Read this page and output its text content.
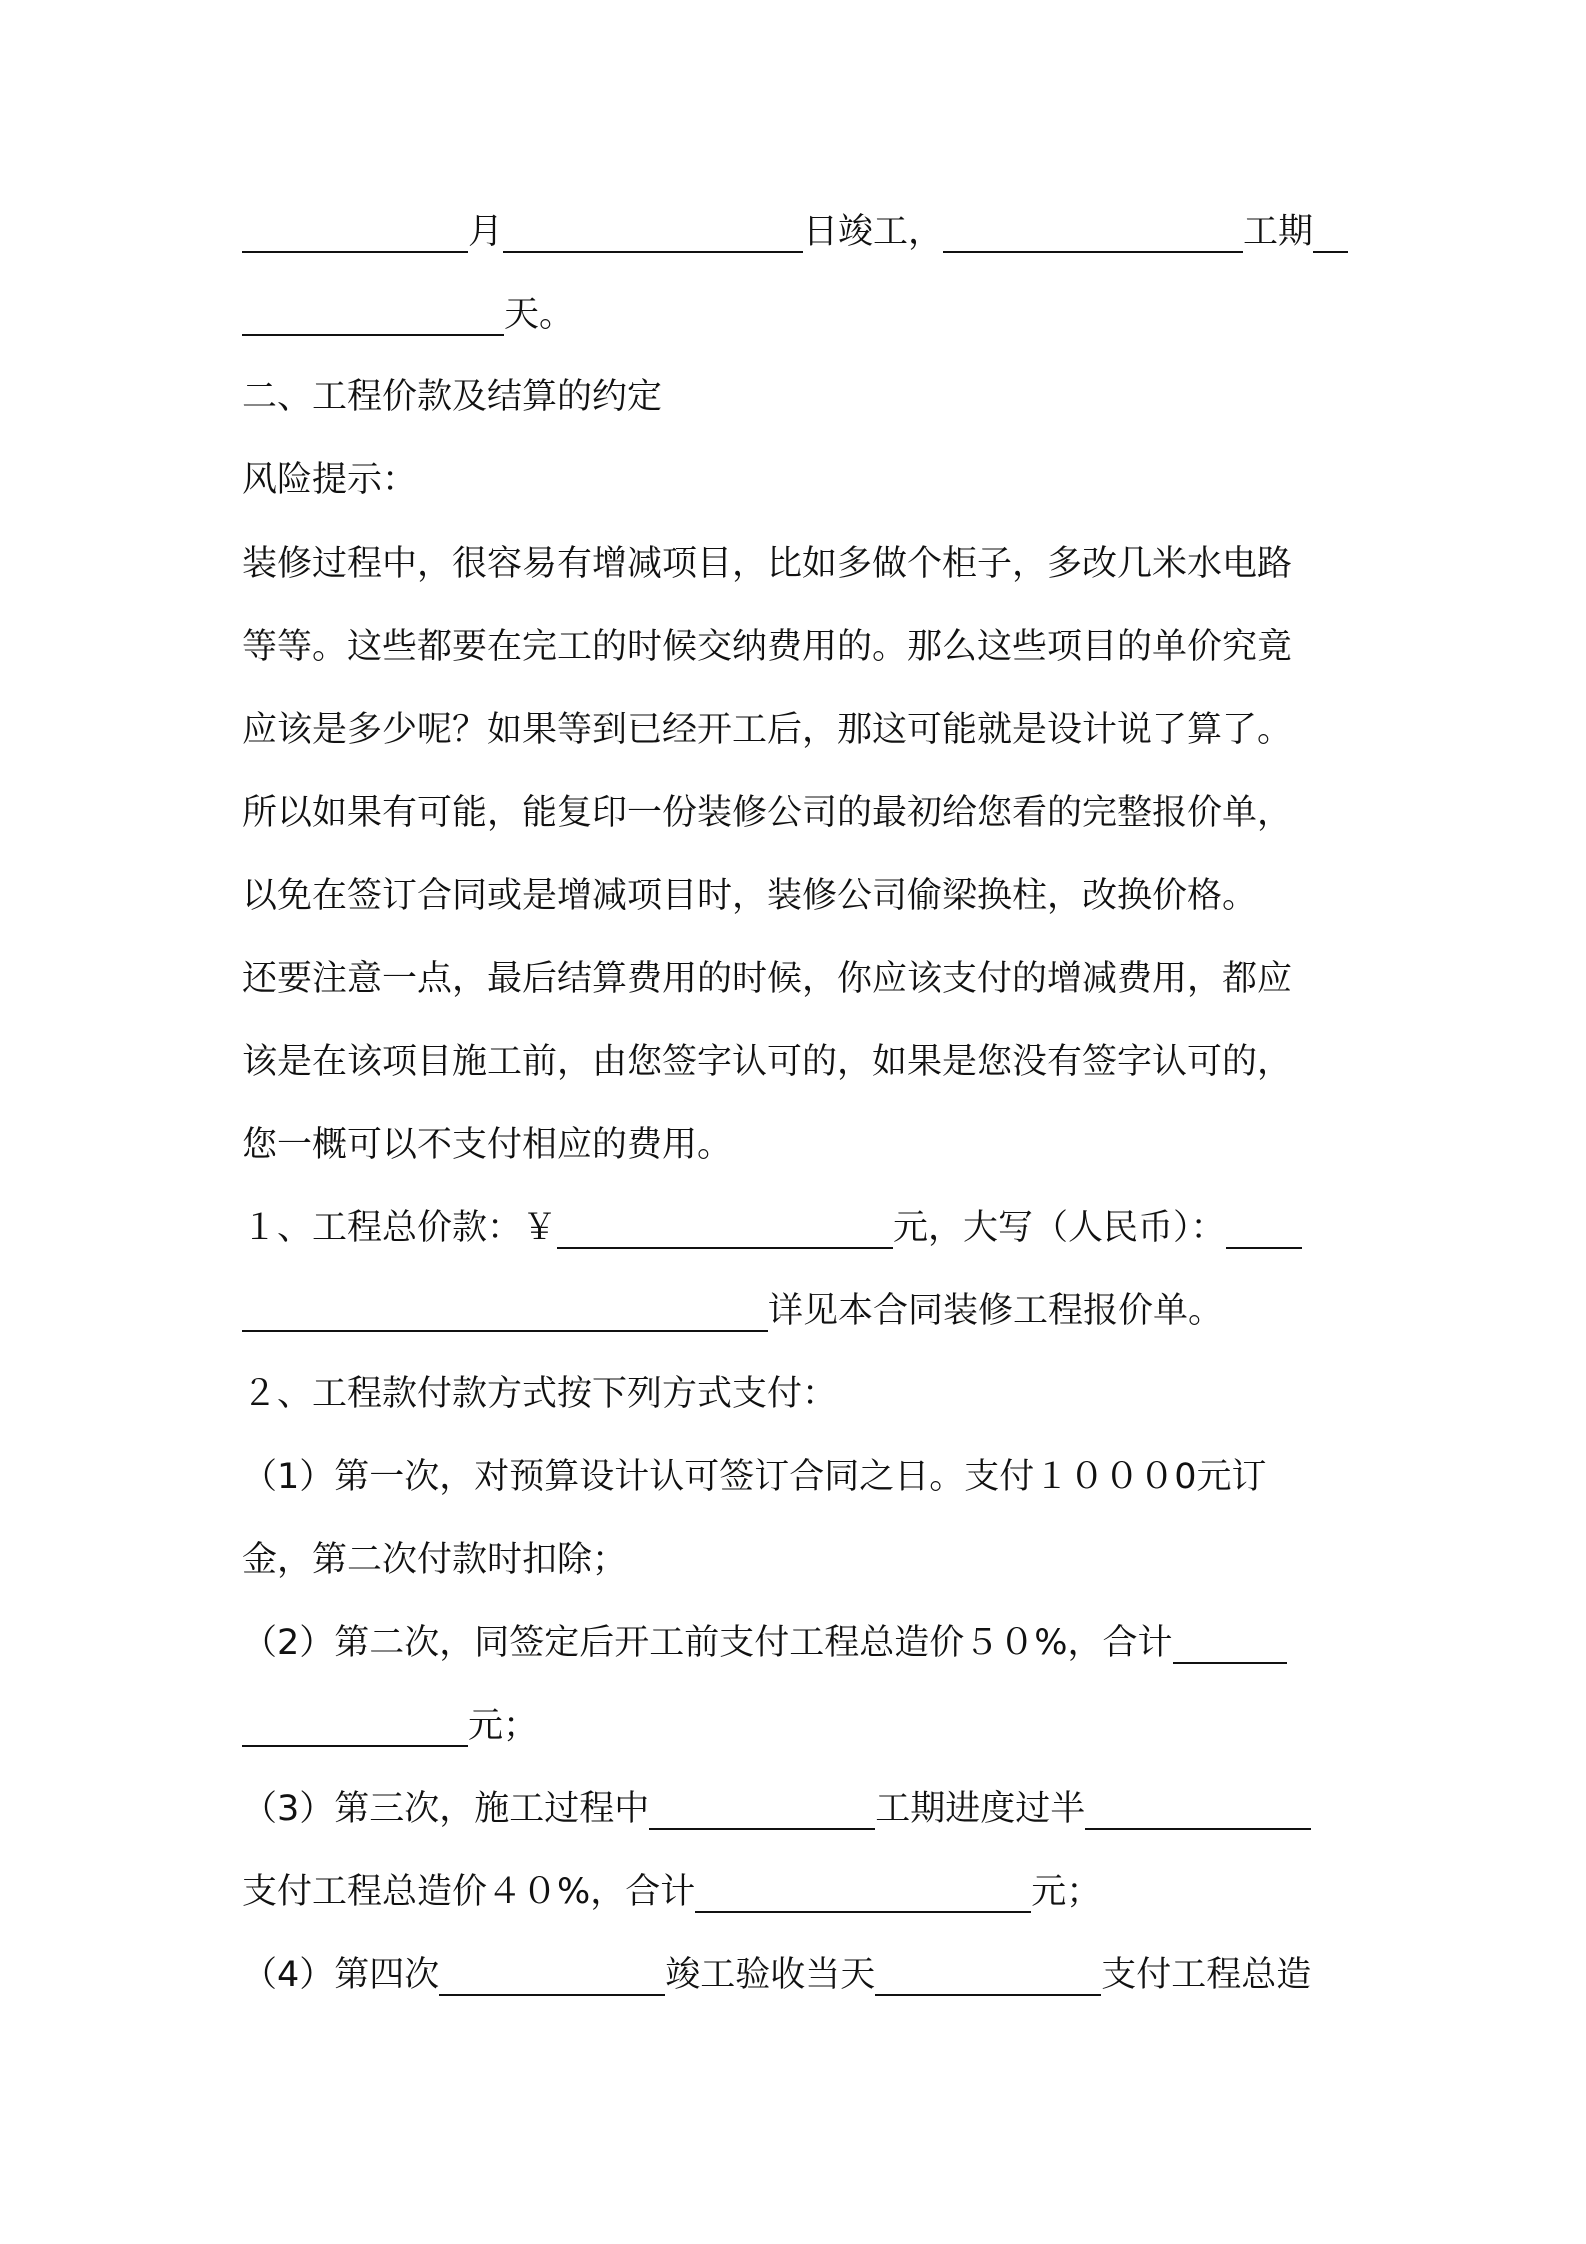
月	日竣工，	工期
天。
二、工程价款及结算的约定
风险提示：
装修过程中，很容易有增减项目，比如多做个柜子，多改几米水电路
等等。这些都要在完工的时候交纳费用的。那么这些项目的单价究竟
应该是多少呢？如果等到已经开工后，那这可能就是设计说了算了。
所以如果有可能，能复印一份装修公司的最初给您看的完整报价单，
以免在签订合同或是增减项目时，装修公司偷梁换柱，改换价格。
还要注意一点，最后结算费用的时候，你应该支付的增减费用，都应
该是在该项目施工前，由您签字认可的，如果是您没有签字认可的，
您一概可以不支付相应的费用。
１、工程总价款：￥	元，大写（人民币）：
详见本合同装修工程报价单。
２、工程款付款方式按下列方式支付：
（1）第一次，对预算设计认可签订合同之日。支付１０００0元订
金，第二次付款时扣除；
（2）第二次，同签定后开工前支付工程总造价５０%，合计
元；
（3）第三次，施工过程中	工期进度过半
支付工程总造价４０%，合计	元；
（4）第四次	竣工验收当天	支付工程总造
